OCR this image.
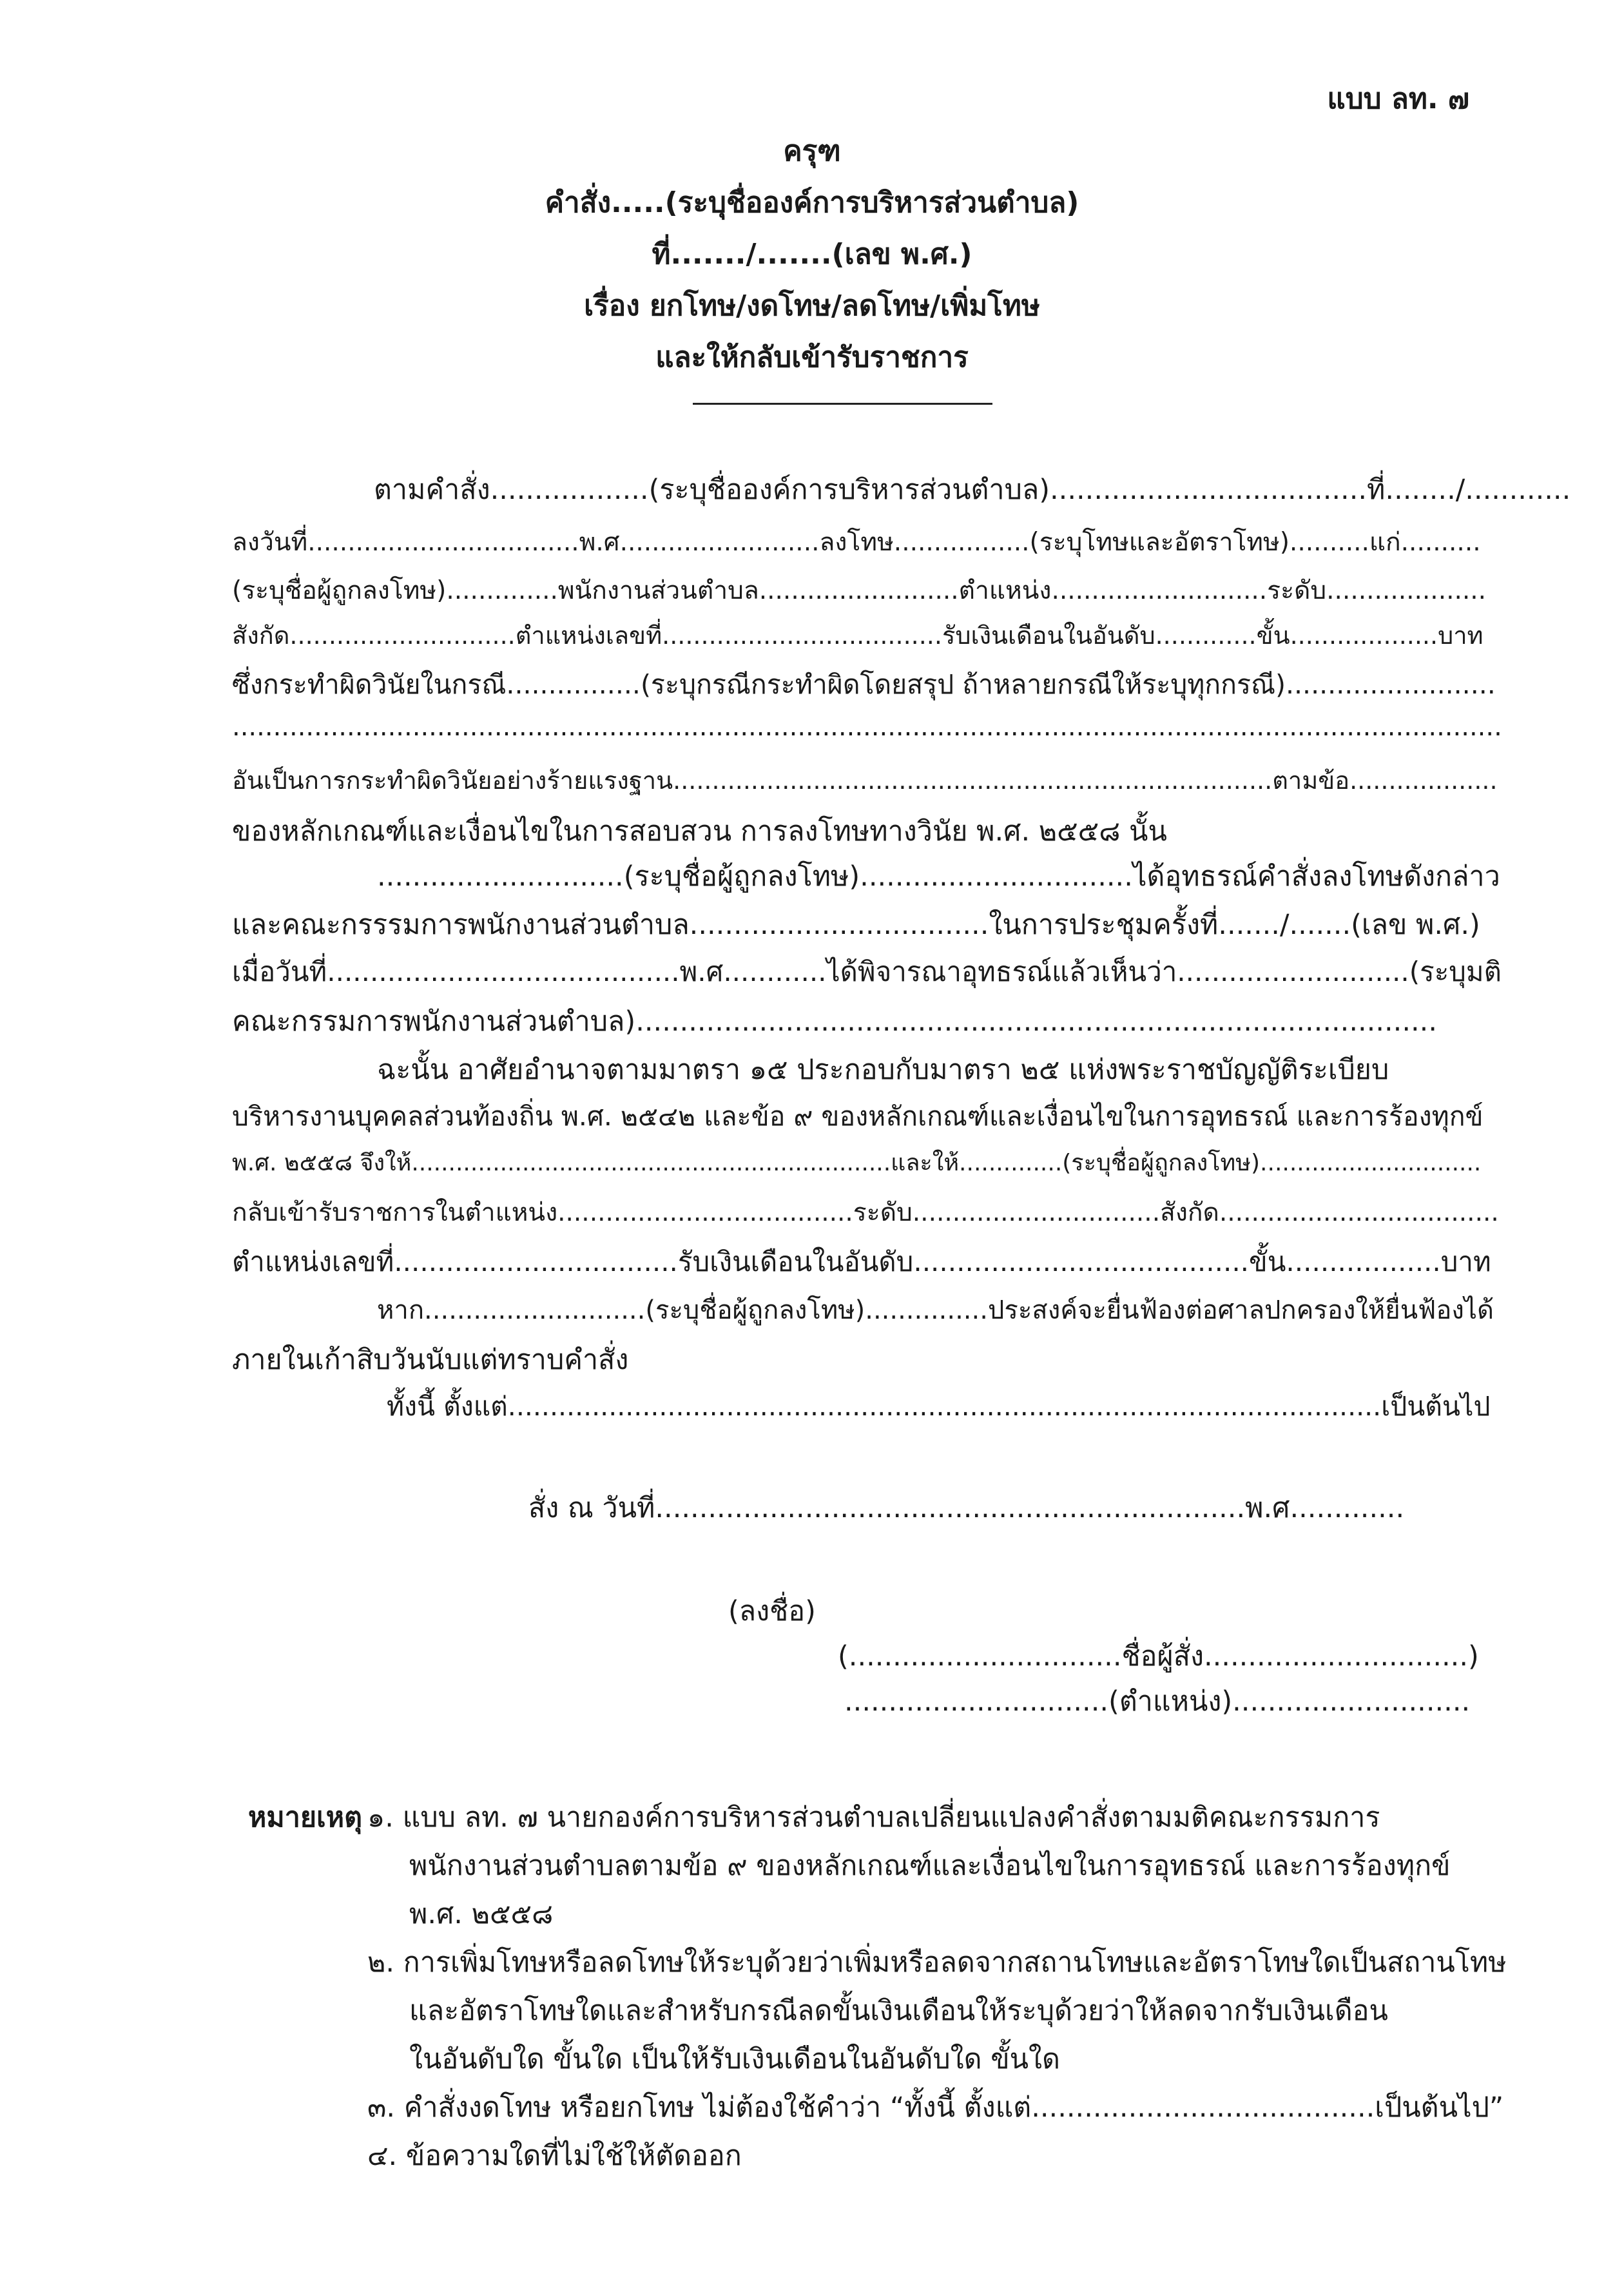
แบบ ลท. ๗
ครุฑ
คำสั่ง.....(ระบุชื่อองค์การบริหารส่วนตำบล)
ที่......./.......(เลข พ.ศ.)
เรื่อง ยกโทษ/งดโทษ/ลดโทษ/เพิ่มโทษ
และให้กลับเข้ารับราชการ
ตามคำสั่ง..................(ระบุชื่อองค์การบริหารส่วนตำบล)....................................ที่......../............
ลงวันที่..................................พ.ศ.........................ลงโทษ.................(ระบุโทษและอัตราโทษ)..........แก่..........
(ระบุชื่อผู้ถูกลงโทษ)..............พนักงานส่วนตำบล.........................ตำแหน่ง...........................ระดับ....................
สังกัด.............................ตำแหน่งเลขที่....................................รับเงินเดือนในอันดับ.............ขั้น...................บาท
ซึ่งกระทำผิดวินัยในกรณี................(ระบุกรณีกระทำผิดโดยสรุป ถ้าหลายกรณีให้ระบุทุกกรณี).........................
...........................................................................................................................................................
อันเป็นการกระทำผิดวินัยอย่างร้ายแรงฐาน.............................................................................ตามข้อ...................
ของหลักเกณฑ์และเงื่อนไขในการสอบสวน การลงโทษทางวินัย พ.ศ. ๒๕๕๘ นั้น
............................(ระบุชื่อผู้ถูกลงโทษ)...............................ได้อุทธรณ์คำสั่งลงโทษดังกล่าว
และคณะกรรรมการพนักงานส่วนตำบล..................................ในการประชุมครั้งที่......./.......(เลข พ.ศ.)
เมื่อวันที่.........................................พ.ศ............ได้พิจารณาอุทธรณ์แล้วเห็นว่า...........................(ระบุมติ
คณะกรรมการพนักงานส่วนตำบล)...........................................................................................
ฉะนั้น อาศัยอำนาจตามมาตรา ๑๕ ประกอบกับมาตรา ๒๕ แห่งพระราชบัญญัติระเบียบ
บริหารงานบุคคลส่วนท้องถิ่น พ.ศ. ๒๕๔๒ และข้อ ๙ ของหลักเกณฑ์และเงื่อนไขในการอุทธรณ์ และการร้องทุกข์
พ.ศ. ๒๕๕๘ จึงให้.................................................................และให้..............(ระบุชื่อผู้ถูกลงโทษ)..............................
กลับเข้ารับราชการในตำแหน่ง.....................................ระดับ...............................สังกัด...................................
ตำแหน่งเลขที่.................................รับเงินเดือนในอันดับ.......................................ขั้น..................บาท
หาก...........................(ระบุชื่อผู้ถูกลงโทษ)...............ประสงค์จะยื่นฟ้องต่อศาลปกครองให้ยื่นฟ้องได้
ภายในเก้าสิบวันนับแต่ทราบคำสั่ง
ทั้งนี้ ตั้งแต่........................................................................................................เป็นต้นไป
สั่ง ณ วันที่...................................................................พ.ศ.............
(ลงชื่อ)
(...............................ชื่อผู้สั่ง..............................)
..............................(ตำแหน่ง)...........................
หมายเหตุ ๑. แบบ ลท. ๗ นายกองค์การบริหารส่วนตำบลเปลี่ยนแปลงคำสั่งตามมติคณะกรรมการ
พนักงานส่วนตำบลตามข้อ ๙ ของหลักเกณฑ์และเงื่อนไขในการอุทธรณ์ และการร้องทุกข์
พ.ศ. ๒๕๕๘
๒. การเพิ่มโทษหรือลดโทษให้ระบุด้วยว่าเพิ่มหรือลดจากสถานโทษและอัตราโทษใดเป็นสถานโทษ
และอัตราโทษใดและสำหรับกรณีลดขั้นเงินเดือนให้ระบุด้วยว่าให้ลดจากรับเงินเดือน
ในอันดับใด ขั้นใด เป็นให้รับเงินเดือนในอันดับใด ขั้นใด
๓. คำสั่งงดโทษ หรือยกโทษ ไม่ต้องใช้คำว่า “ทั้งนี้ ตั้งแต่.......................................เป็นต้นไป”
๔. ข้อความใดที่ไม่ใช้ให้ตัดออก
